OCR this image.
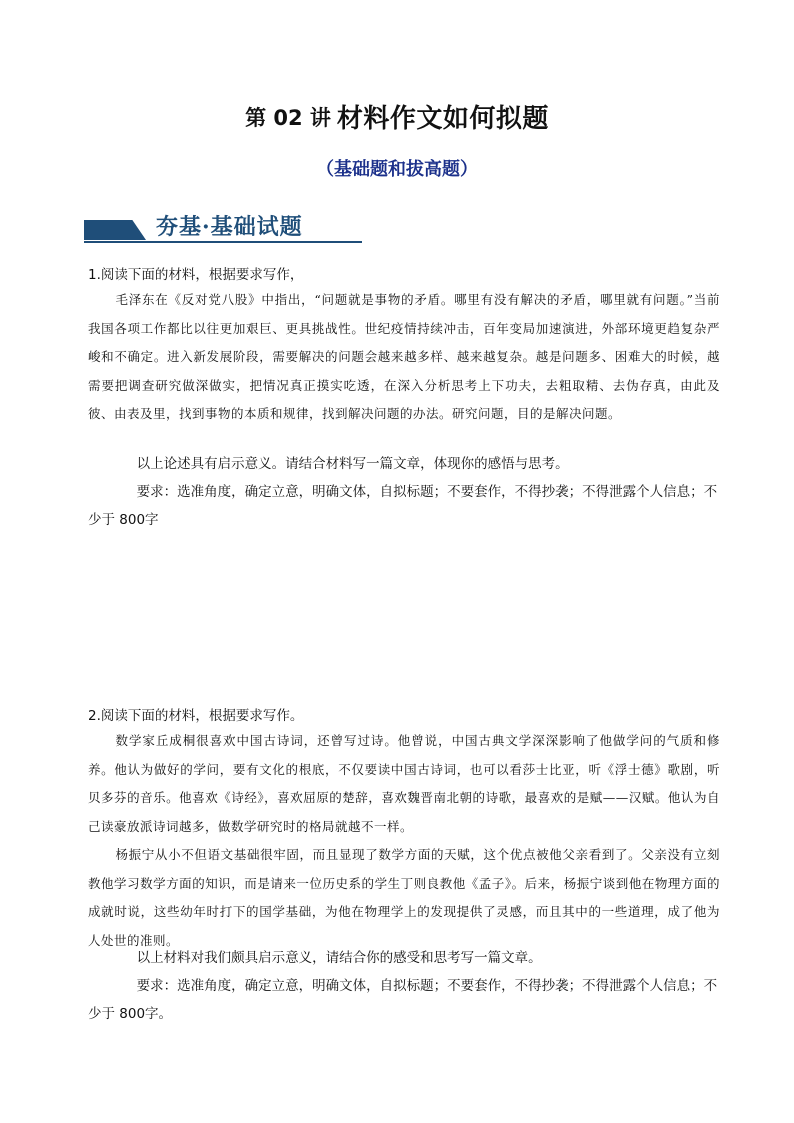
第 02 讲 材料作文如何拟题
（基础题和拔高题）
夯基·基础试题
1.阅读下面的材料，根据要求写作，

毛泽东在《反对党八股》中指出，“问题就是事物的矛盾。哪里有没有解决的矛盾，哪里就有问题。”当前我国各项工作都比以往更加艰巨、更具挑战性。世纪疫情持续冲击，百年变局加速演进，外部环境更趋复杂严峻和不确定。进入新发展阶段，需要解决的问题会越来越多样、越来越复杂。越是问题多、困难大的时候，越需要把调查研究做深做实，把情况真正摸实吃透，在深入分析思考上下功夫，去粗取精、去伪存真，由此及彼、由表及里，找到事物的本质和规律，找到解决问题的办法。研究问题，目的是解决问题。

以上论述具有启示意义。请结合材料写一篇文章，体现你的感悟与思考。

要求：选准角度，确定立意，明确文体，自拟标题；不要套作，不得抄袭；不得泄露个人信息；不少于 800字

2.阅读下面的材料，根据要求写作。

数学家丘成桐很喜欢中国古诗词，还曾写过诗。他曾说，中国古典文学深深影响了他做学问的气质和修养。他认为做好的学问，要有文化的根底，不仅要读中国古诗词，也可以看莎士比亚，听《浮士德》歌剧，听贝多芬的音乐。他喜欢《诗经》，喜欢屈原的楚辞，喜欢魏晋南北朝的诗歌，最喜欢的是赋——汉赋。他认为自己读豪放派诗词越多，做数学研究时的格局就越不一样。

杨振宁从小不但语文基础很牢固，而且显现了数学方面的天赋，这个优点被他父亲看到了。父亲没有立刻教他学习数学方面的知识，而是请来一位历史系的学生丁则良教他《孟子》。后来，杨振宁谈到他在物理方面的成就时说，这些幼年时打下的国学基础，为他在物理学上的发现提供了灵感，而且其中的一些道理，成了他为人处世的准则。

以上材料对我们颇具启示意义，请结合你的感受和思考写一篇文章。

要求：选准角度，确定立意，明确文体，自拟标题；不要套作，不得抄袭；不得泄露个人信息；不少于 800字。
